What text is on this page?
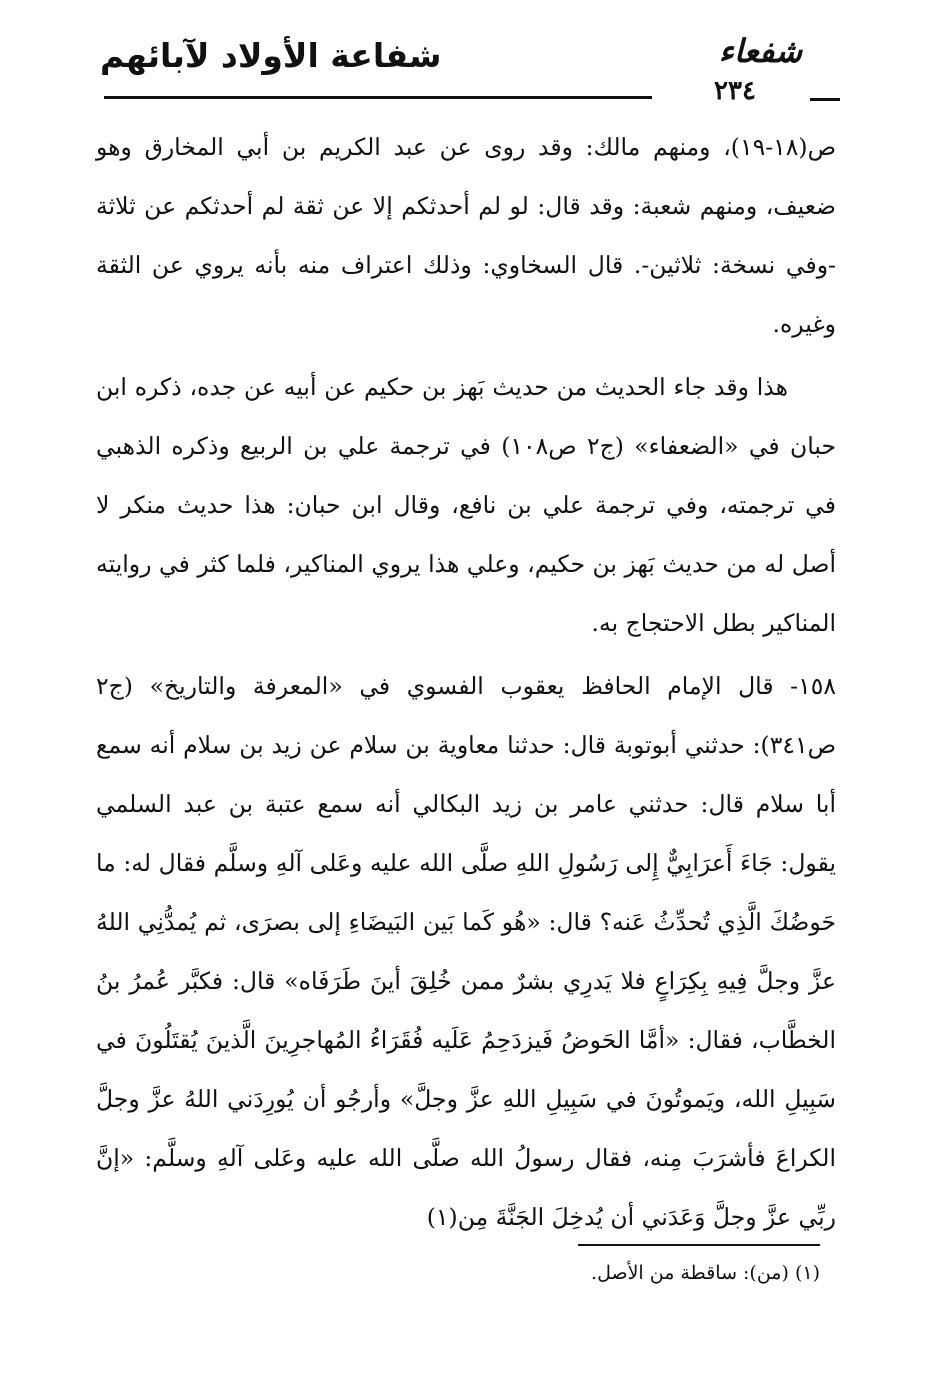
شفاعة الأولاد لآبائهم	شفعاء
٢٣٤

ص(١٨-١٩)، ومنهم مالك: وقد روى عن عبد الكريم بن أبي المخارق وهو ضعيف، ومنهم شعبة: وقد قال: لو لم أحدثكم إلا عن ثقة لم أحدثكم عن ثلاثة -وفي نسخة: ثلاثين-. قال السخاوي: وذلك اعتراف منه بأنه يروي عن الثقة وغيره.

هذا وقد جاء الحديث من حديث بَهز بن حكيم عن أبيه عن جده، ذكره ابن حبان في «الضعفاء» (ج٢ ص١٠٨) في ترجمة علي بن الربيع وذكره الذهبي في ترجمته، وفي ترجمة علي بن نافع، وقال ابن حبان: هذا حديث منكر لا أصل له من حديث بَهز بن حكيم، وعلي هذا يروي المناكير، فلما كثر في روايته المناكير بطل الاحتجاج به.

١٥٨- قال الإمام الحافظ يعقوب الفسوي في «المعرفة والتاريخ» (ج٢ ص٣٤١): حدثني أبوتوبة قال: حدثنا معاوية بن سلام عن زيد بن سلام أنه سمع أبا سلام قال: حدثني عامر بن زيد البكالي أنه سمع عتبة بن عبد السلمي يقول: جَاءَ أَعرَابِيٌّ إِلى رَسُولِ اللهِ صلَّى الله عليه وعَلى آلهِ وسلَّم فقال له: ما حَوضُكَ الَّذِي تُحدِّثُ عَنه؟ قال: «هُو كَما بَين البَيضَاءِ إلى بصرَى، ثم يُمدُّنِي اللهُ عزَّ وجلَّ فِيهِ بِكِرَاعٍ فلا يَدرِي بشرٌ ممن خُلِقَ أينَ طَرَفَاه» قال: فكبَّر عُمرُ بنُ الخطَّاب، فقال: «أمَّا الحَوضُ فَيزدَحِمُ عَلَيه فُقَرَاءُ المُهاجرِينَ الَّذينَ يُقتَلُونَ في سَبِيلِ الله، ويَموتُونَ في سَبِيلِ اللهِ عزَّ وجلَّ» وأرجُو أن يُورِدَني اللهُ عزَّ وجلَّ الكراعَ فأشرَبَ مِنه، فقال رسولُ الله صلَّى الله عليه وعَلى آلهِ وسلَّم: «إنَّ ربِّي عزَّ وجلَّ وَعَدَني أن يُدخِلَ الجَنَّةَ مِن(١)

(١) (من): ساقطة من الأصل.
